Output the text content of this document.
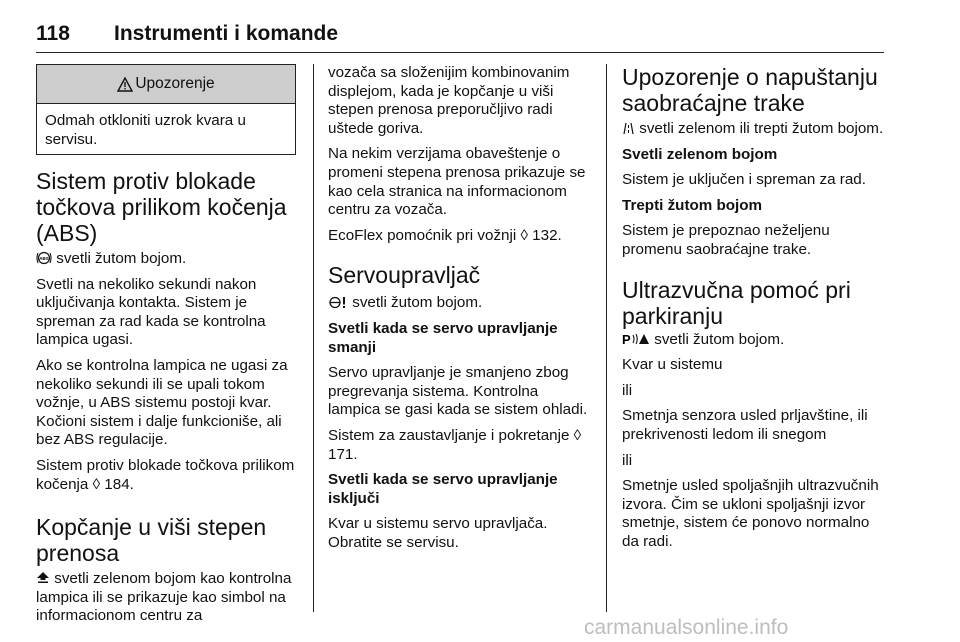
118 Instrumenti i komande
Upozorenje
Odmah otkloniti uzrok kvara u servisu.
Sistem protiv blokade
točkova prilikom kočenja
(ABS)

ABS svetli žutom bojom.

Svetli na nekoliko sekundi nakon uključivanja kontakta. Sistem je spreman za rad kada se kontrolna lampica ugasi.

Ako se kontrolna lampica ne ugasi za nekoliko sekundi ili se upali tokom vožnje, u ABS sistemu postoji kvar. Kočioni sistem i dalje funkcioniše, ali bez ABS regulacije.

Sistem protiv blokade točkova prilikom kočenja ◊ 184.

Kopčanje u viši stepen
prenosa

svetli zelenom bojom kao kontrolna lampica ili se prikazuje kao simbol na informacionom centru za

vozača sa složenijim kombinovanim displejom, kada je kopčanje u viši stepen prenosa preporučljivo radi uštede goriva.

Na nekim verzijama obaveštenje o promeni stepena prenosa prikazuje se kao cela stranica na informacionom centru za vozača.

EcoFlex pomoćnik pri vožnji ◊ 132.

Servoupravljač

svetli žutom bojom.

Svetli kada se servo upravljanje smanji

Servo upravljanje je smanjeno zbog pregrevanja sistema. Kontrolna lampica se gasi kada se sistem ohladi.

Sistem za zaustavljanje i pokretanje ◊ 171.

Svetli kada se servo upravljanje isključi

Kvar u sistemu servo upravljača. Obratite se servisu.

Upozorenje o napuštanju
saobraćajne trake

svetli zelenom ili trepti žutom bojom.

Svetli zelenom bojom

Sistem je uključen i spreman za rad.

Trepti žutom bojom

Sistem je prepoznao neželjenu promenu saobraćajne trake.

Ultrazvučna pomoć pri
parkiranju

P svetli žutom bojom.

Kvar u sistemu

ili

Smetnja senzora usled prljavštine, ili prekrivenosti ledom ili snegom

ili

Smetnje usled spoljašnjih ultrazvučnih izvora. Čim se ukloni spoljašnji izvor smetnje, sistem će ponovo normalno da radi.

carmanualsonline.info
